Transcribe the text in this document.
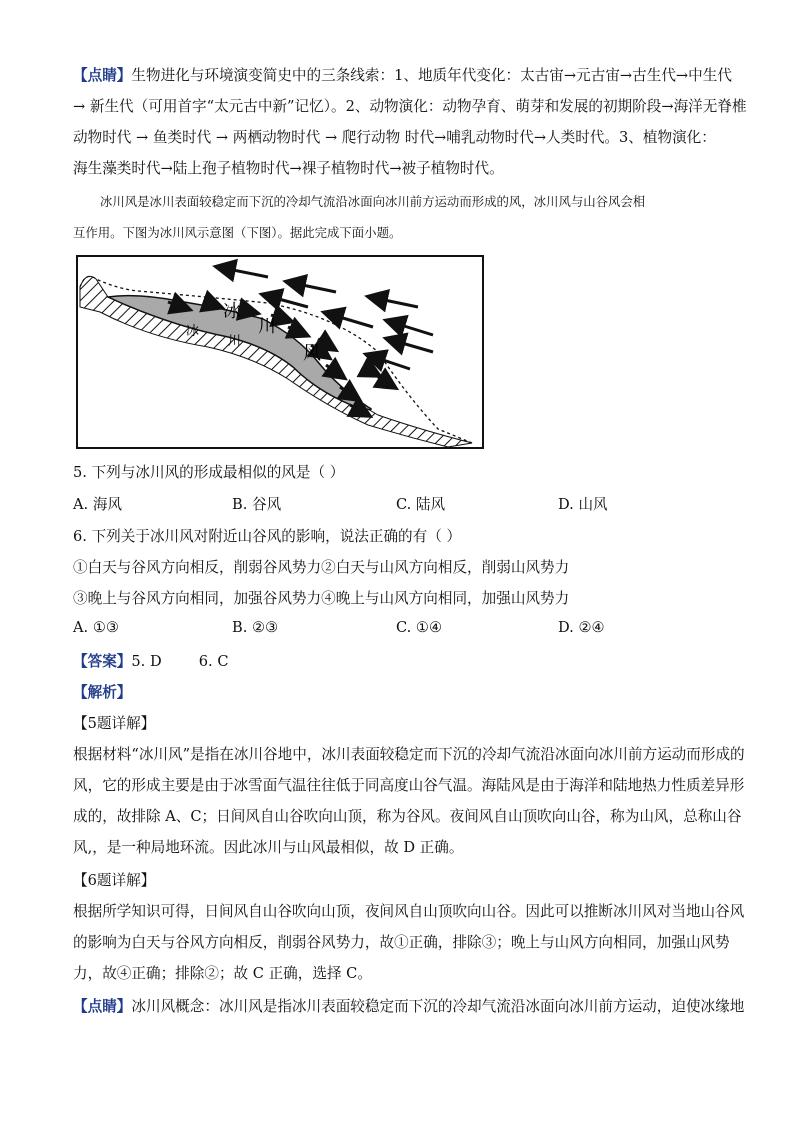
【点睛】生物进化与环境演变简史中的三条线索：1、地质年代变化：太古宙→元古宙→古生代→中生代
→ 新生代（可用首字“太元古中新”记忆）。2、动物演化：动物孕育、萌芽和发展的初期阶段→海洋无脊椎
动物时代 → 鱼类时代 → 两栖动物时代 → 爬行动物 时代→哺乳动物时代→人类时代。3、植物演化：
海生藻类时代→陆上孢子植物时代→裸子植物时代→被子植物时代。
冰川风是冰川表面较稳定而下沉的冷却气流沿冰面向冰川前方运动而形成的风，冰川风与山谷风会相
互作用。下图为冰川风示意图（下图）。据此完成下面小题。
冰
川
风
冰
川
5. 下列与冰川风的形成最相似的风是（ ）
A. 海风	B. 谷风	C. 陆风	D. 山风
6. 下列关于冰川风对附近山谷风的影响，说法正确的有（ ）
①白天与谷风方向相反，削弱谷风势力②白天与山风方向相反，削弱山风势力
③晚上与谷风方向相同，加强谷风势力④晚上与山风方向相同，加强山风势力
A. ①③	B. ②③	C. ①④	D. ②④
【答案】5. D        6. C
【解析】
【5题详解】
根据材料“冰川风”是指在冰川谷地中，冰川表面较稳定而下沉的冷却气流沿冰面向冰川前方运动而形成的
风，它的形成主要是由于冰雪面气温往往低于同高度山谷气温。海陆风是由于海洋和陆地热力性质差异形
成的，故排除 A、C；日间风自山谷吹向山顶，称为谷风。夜间风自山顶吹向山谷，称为山风，总称山谷
风,，是一种局地环流。因此冰川与山风最相似，故 D 正确。
【6题详解】
根据所学知识可得，日间风自山谷吹向山顶，夜间风自山顶吹向山谷。因此可以推断冰川风对当地山谷风
的影响为白天与谷风方向相反，削弱谷风势力，故①正确，排除③；晚上与山风方向相同，加强山风势
力，故④正确；排除②；故 C 正确，选择 C。
【点睛】冰川风概念：冰川风是指冰川表面较稳定而下沉的冷却气流沿冰面向冰川前方运动，迫使冰缘地
